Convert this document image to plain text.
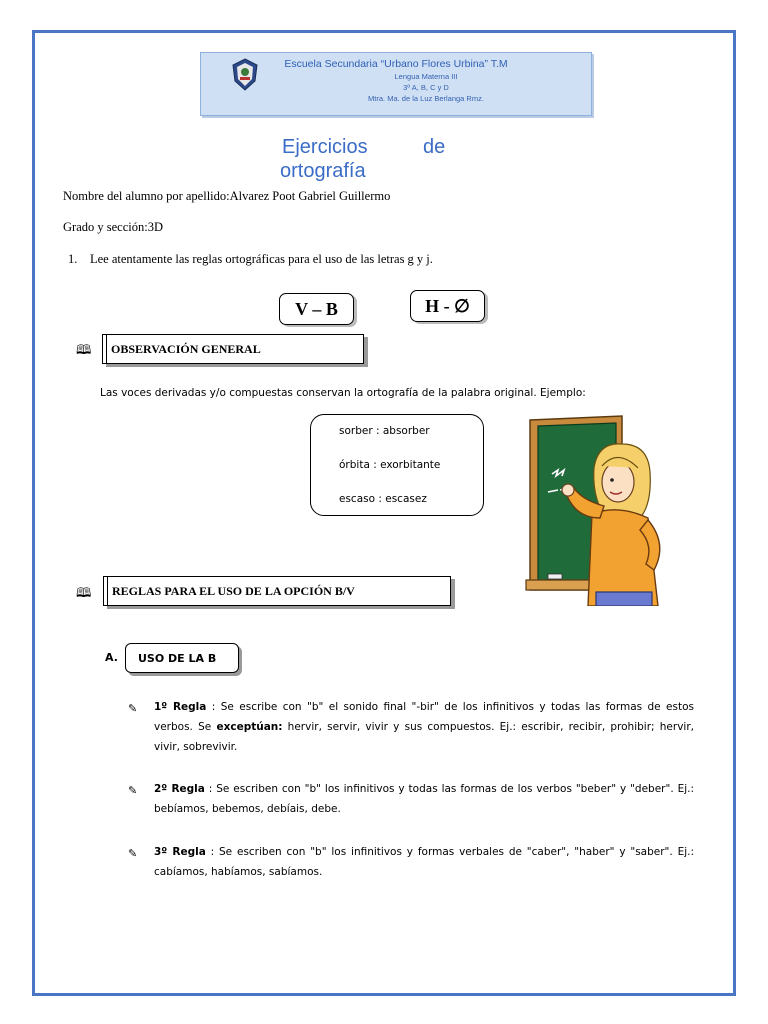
Escuela Secundaria “Urbano Flores Urbina” T.M
Lengua Materna III
3º A, B, C y D
Mtra. Ma. de la Luz Berlanga Rmz.
Ejercicios	de
ortografía
Nombre del alumno por apellido:Alvarez Poot Gabriel Guillermo
Grado y sección:3D
1. Lee atentamente las reglas ortográficas para el uso de las letras g y j.
V – B	H - ∅
🕮 OBSERVACIÓN GENERAL
Las voces derivadas y/o compuestas conservan la ortografía de la palabra original. Ejemplo:
sorber : absorber
órbita : exorbitante
escaso : escasez
🕮 REGLAS PARA EL USO DE LA OPCIÓN B/V
A. USO DE LA B
✎ 1º Regla : Se escribe con "b" el sonido final "-bir" de los infinitivos y todas las formas de estos verbos. Se exceptúan: hervir, servir, vivir y sus compuestos. Ej.: escribir, recibir, prohibir; hervir, vivir, sobrevivir.
✎ 2º Regla : Se escriben con "b" los infinitivos y todas las formas de los verbos "beber" y "deber". Ej.: bebíamos, bebemos, debíais, debe.
✎ 3º Regla : Se escriben con "b" los infinitivos y formas verbales de "caber", "haber" y "saber". Ej.: cabíamos, habíamos, sabíamos.
